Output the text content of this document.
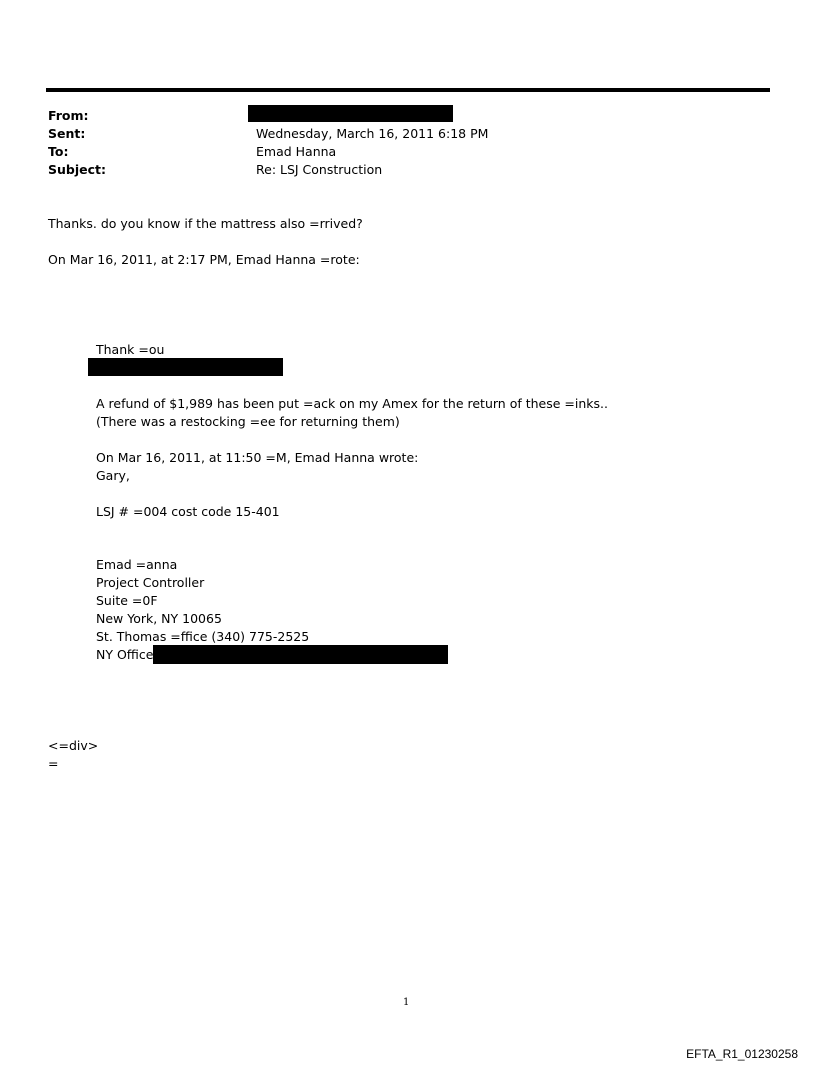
From:
Sent:	Wednesday, March 16, 2011 6:18 PM
To:	Emad Hanna
Subject:	Re: LSJ Construction
Thanks. do you know if the mattress also =rrived?
On Mar 16, 2011, at 2:17 PM, Emad Hanna =rote:
Thank =ou
A refund of $1,989 has been put =ack on my Amex for the return of these =inks..
(There was a restocking =ee for returning them)
On Mar 16, 2011, at 11:50 =M, Emad Hanna wrote:
Gary,
LSJ # =004 cost code 15-401
Emad =anna
Project Controller
Suite =0F
New York, NY 10065
St. Thomas =ffice (340) 775-2525
NY Office
<=div>
=
1
EFTA_R1_01230258
